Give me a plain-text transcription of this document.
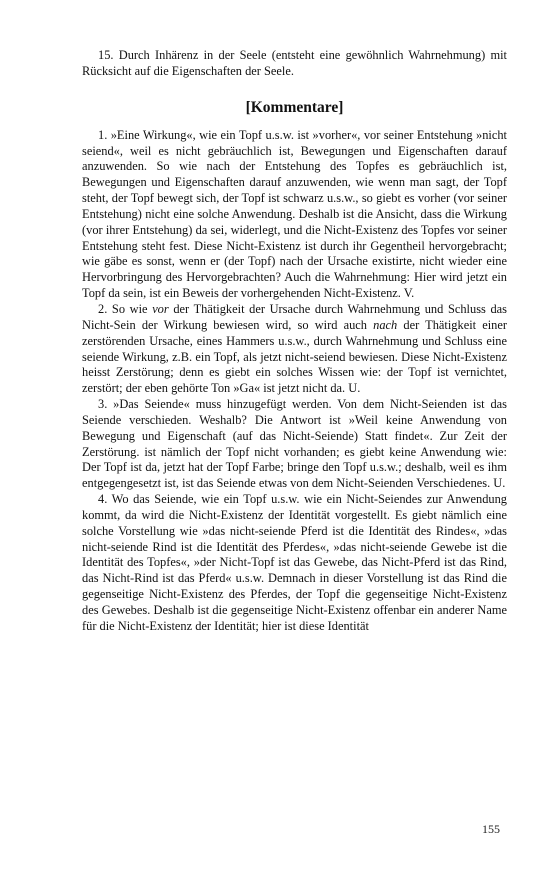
15. Durch Inhärenz in der Seele (entsteht eine gewöhnlich Wahrnehmung) mit Rücksicht auf die Eigenschaften der Seele.

[Kommentare]

1. »Eine Wirkung«, wie ein Topf u.s.w. ist »vorher«, vor seiner Entstehung »nicht seiend«, weil es nicht gebräuchlich ist, Bewegungen und Eigenschaften darauf anzuwenden. So wie nach der Entstehung des Topfes es gebräuchlich ist, Bewegungen und Eigenschaften darauf anzuwenden, wie wenn man sagt, der Topf steht, der Topf bewegt sich, der Topf ist schwarz u.s.w., so giebt es vorher (vor seiner Entstehung) nicht eine solche Anwendung. Deshalb ist die Ansicht, dass die Wirkung (vor ihrer Entstehung) da sei, widerlegt, und die Nicht-Existenz des Topfes vor seiner Entstehung steht fest. Diese Nicht-Existenz ist durch ihr Gegentheil hervorgebracht; wie gäbe es sonst, wenn er (der Topf) nach der Ursache existirte, nicht wieder eine Hervorbringung des Hervorgebrachten? Auch die Wahrnehmung: Hier wird jetzt ein Topf da sein, ist ein Beweis der vorhergehenden Nicht-Existenz. V.

2. So wie vor der Thätigkeit der Ursache durch Wahrnehmung und Schluss das Nicht-Sein der Wirkung bewiesen wird, so wird auch nach der Thätigkeit einer zerstörenden Ursache, eines Hammers u.s.w., durch Wahrnehmung und Schluss eine seiende Wirkung, z.B. ein Topf, als jetzt nicht-seiend bewiesen. Diese Nicht-Existenz heisst Zerstörung; denn es giebt ein solches Wissen wie: der Topf ist vernichtet, zerstört; der eben gehörte Ton »Ga« ist jetzt nicht da. U.

3. »Das Seiende« muss hinzugefügt werden. Von dem Nicht-Seienden ist das Seiende verschieden. Weshalb? Die Antwort ist »Weil keine Anwendung von Bewegung und Eigenschaft (auf das Nicht-Seiende) Statt findet«. Zur Zeit der Zerstörung. ist nämlich der Topf nicht vorhanden; es giebt keine Anwendung wie: Der Topf ist da, jetzt hat der Topf Farbe; bringe den Topf u.s.w.; deshalb, weil es ihm entgegengesetzt ist, ist das Seiende etwas von dem Nicht-Seienden Verschiedenes. U.

4. Wo das Seiende, wie ein Topf u.s.w. wie ein Nicht-Seiendes zur Anwendung kommt, da wird die Nicht-Existenz der Identität vorgestellt. Es giebt nämlich eine solche Vorstellung wie »das nicht-seiende Pferd ist die Identität des Rindes«, »das nicht-seiende Rind ist die Identität des Pferdes«, »das nicht-seiende Gewebe ist die Identität des Topfes«, »der Nicht-Topf ist das Gewebe, das Nicht-Pferd ist das Rind, das Nicht-Rind ist das Pferd« u.s.w. Demnach in dieser Vorstellung ist das Rind die gegenseitige Nicht-Existenz des Pferdes, der Topf die gegenseitige Nicht-Existenz des Gewebes. Deshalb ist die gegenseitige Nicht-Existenz offenbar ein anderer Name für die Nicht-Existenz der Identität; hier ist diese Identität

155
